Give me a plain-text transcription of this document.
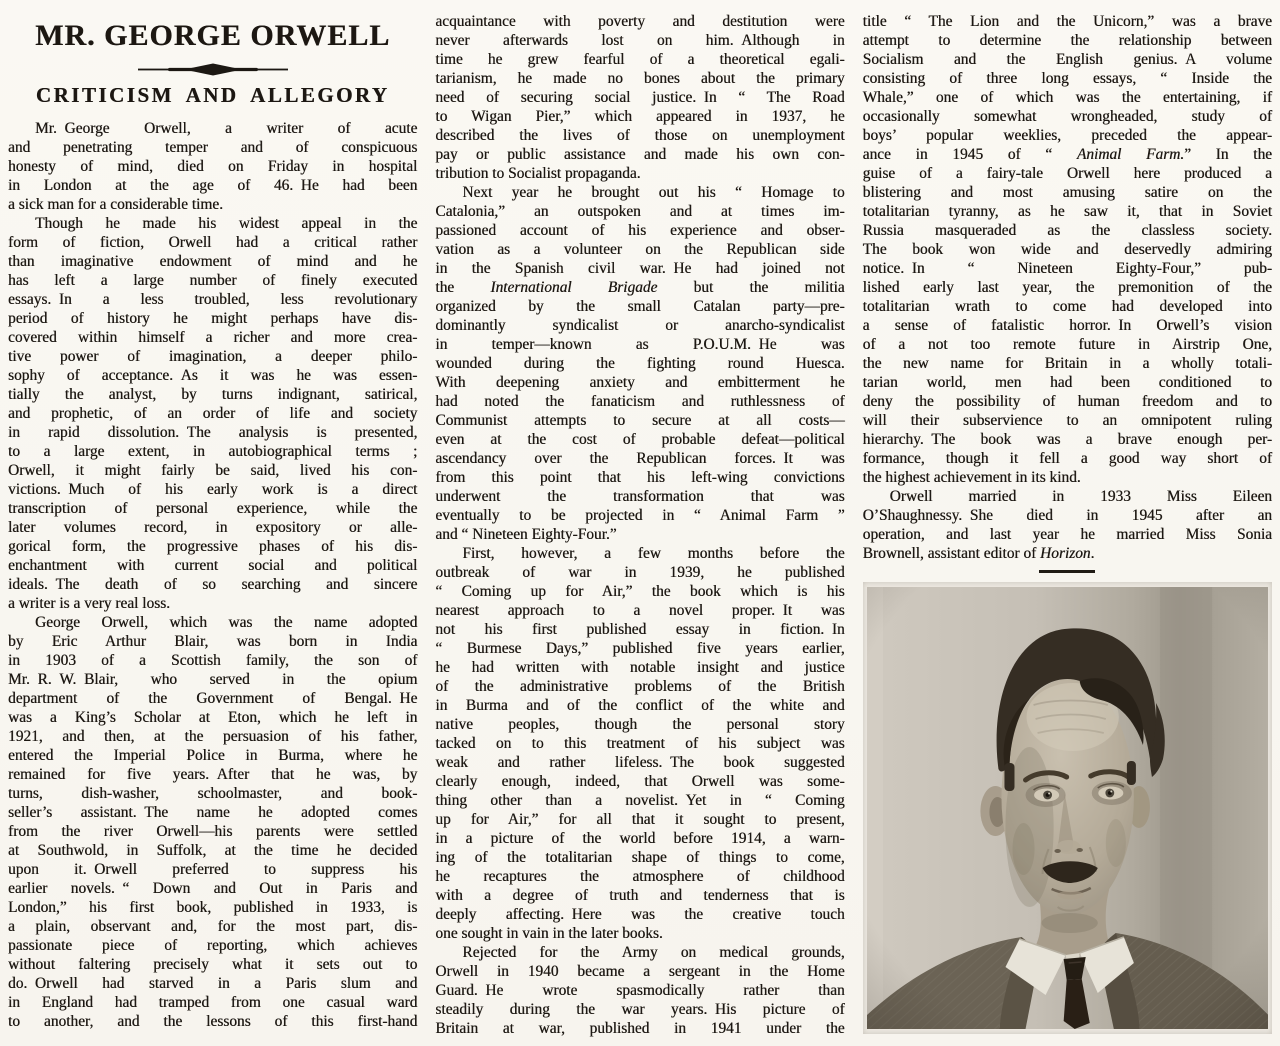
MR. GEORGE ORWELL
CRITICISM AND ALLEGORY
Mr. George Orwell, a writer of acute
and penetrating temper and of conspicuous
honesty of mind, died on Friday in hospital
in London at the age of 46. He had been
a sick man for a considerable time.
Though he made his widest appeal in the
form of fiction, Orwell had a critical rather
than imaginative endowment of mind and he
has left a large number of finely executed
essays. In a less troubled, less revolutionary
period of history he might perhaps have dis-
covered within himself a richer and more crea-
tive power of imagination, a deeper philo-
sophy of acceptance. As it was he was essen-
tially the analyst, by turns indignant, satirical,
and prophetic, of an order of life and society
in rapid dissolution. The analysis is presented,
to a large extent, in autobiographical terms ;
Orwell, it might fairly be said, lived his con-
victions. Much of his early work is a direct
transcription of personal experience, while the
later volumes record, in expository or alle-
gorical form, the progressive phases of his dis-
enchantment with current social and political
ideals. The death of so searching and sincere
a writer is a very real loss.
George Orwell, which was the name adopted
by Eric Arthur Blair, was born in India
in 1903 of a Scottish family, the son of
Mr. R. W. Blair, who served in the opium
department of the Government of Bengal. He
was a King’s Scholar at Eton, which he left in
1921, and then, at the persuasion of his father,
entered the Imperial Police in Burma, where he
remained for five years. After that he was, by
turns, dish-washer, schoolmaster, and book-
seller’s assistant. The name he adopted comes
from the river Orwell—his parents were settled
at Southwold, in Suffolk, at the time he decided
upon it. Orwell preferred to suppress his
earlier novels. “ Down and Out in Paris and
London,” his first book, published in 1933, is
a plain, observant and, for the most part, dis-
passionate piece of reporting, which achieves
without faltering precisely what it sets out to
do. Orwell had starved in a Paris slum and
in England had tramped from one casual ward
to another, and the lessons of this first-hand
acquaintance with poverty and destitution were
never afterwards lost on him. Although in
time he grew fearful of a theoretical egali-
tarianism, he made no bones about the primary
need of securing social justice. In “ The Road
to Wigan Pier,” which appeared in 1937, he
described the lives of those on unemployment
pay or public assistance and made his own con-
tribution to Socialist propaganda.
Next year he brought out his “ Homage to
Catalonia,” an outspoken and at times im-
passioned account of his experience and obser-
vation as a volunteer on the Republican side
in the Spanish civil war. He had joined not
the International Brigade but the militia
organized by the small Catalan party—pre-
dominantly syndicalist or anarcho-syndicalist
in temper—known as P.O.U.M. He was
wounded during the fighting round Huesca.
With deepening anxiety and embitterment he
had noted the fanaticism and ruthlessness of
Communist attempts to secure at all costs—
even at the cost of probable defeat—political
ascendancy over the Republican forces. It was
from this point that his left-wing convictions
underwent the transformation that was
eventually to be projected in “ Animal Farm ”
and “ Nineteen Eighty-Four.”
First, however, a few months before the
outbreak of war in 1939, he published
“ Coming up for Air,” the book which is his
nearest approach to a novel proper. It was
not his first published essay in fiction. In
“ Burmese Days,” published five years earlier,
he had written with notable insight and justice
of the administrative problems of the British
in Burma and of the conflict of the white and
native peoples, though the personal story
tacked on to this treatment of his subject was
weak and rather lifeless. The book suggested
clearly enough, indeed, that Orwell was some-
thing other than a novelist. Yet in “ Coming
up for Air,” for all that it sought to present,
in a picture of the world before 1914, a warn-
ing of the totalitarian shape of things to come,
he recaptures the atmosphere of childhood
with a degree of truth and tenderness that is
deeply affecting. Here was the creative touch
one sought in vain in the later books.
Rejected for the Army on medical grounds,
Orwell in 1940 became a sergeant in the Home
Guard. He wrote spasmodically rather than
steadily during the war years. His picture of
Britain at war, published in 1941 under the
title “ The Lion and the Unicorn,” was a brave
attempt to determine the relationship between
Socialism and the English genius. A volume
consisting of three long essays, “ Inside the
Whale,” one of which was the entertaining, if
occasionally somewhat wrongheaded, study of
boys’ popular weeklies, preceded the appear-
ance in 1945 of “ Animal Farm.” In the
guise of a fairy-tale Orwell here produced a
blistering and most amusing satire on the
totalitarian tyranny, as he saw it, that in Soviet
Russia masqueraded as the classless society.
The book won wide and deservedly admiring
notice. In “ Nineteen Eighty-Four,” pub-
lished early last year, the premonition of the
totalitarian wrath to come had developed into
a sense of fatalistic horror. In Orwell’s vision
of a not too remote future in Airstrip One,
the new name for Britain in a wholly totali-
tarian world, men had been conditioned to
deny the possibility of human freedom and to
will their subservience to an omnipotent ruling
hierarchy. The book was a brave enough per-
formance, though it fell a good way short of
the highest achievement in its kind.
Orwell married in 1933 Miss Eileen
O’Shaughnessy. She died in 1945 after an
operation, and last year he married Miss Sonia
Brownell, assistant editor of Horizon.
